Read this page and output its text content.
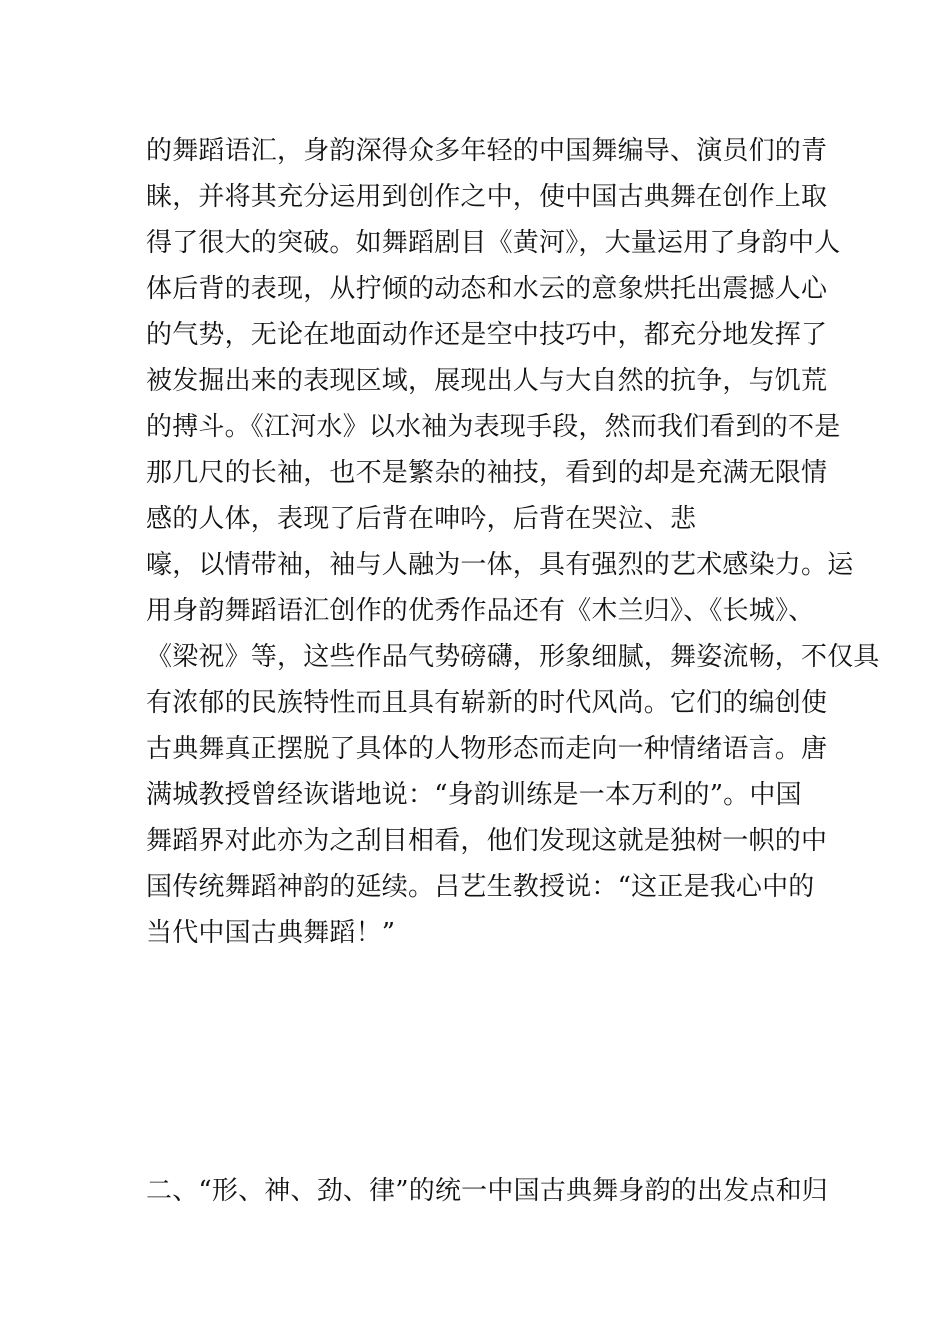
的舞蹈语汇，身韵深得众多年轻的中国舞编导、演员们的青
睐，并将其充分运用到创作之中，使中国古典舞在创作上取
得了很大的突破。如舞蹈剧目《黄河》，大量运用了身韵中人
体后背的表现，从拧倾的动态和水云的意象烘托出震撼人心
的气势，无论在地面动作还是空中技巧中，都充分地发挥了
被发掘出来的表现区域，展现出人与大自然的抗争，与饥荒
的搏斗。《江河水》以水袖为表现手段，然而我们看到的不是
那几尺的长袖，也不是繁杂的袖技，看到的却是充满无限情
感的人体，表现了后背在呻吟，后背在哭泣、悲
嚎，以情带袖，袖与人融为一体，具有强烈的艺术感染力。运
用身韵舞蹈语汇创作的优秀作品还有《木兰归》、《长城》、
《梁祝》等，这些作品气势磅礴，形象细腻，舞姿流畅，不仅具
有浓郁的民族特性而且具有崭新的时代风尚。它们的编创使
古典舞真正摆脱了具体的人物形态而走向一种情绪语言。唐
满城教授曾经诙谐地说：“身韵训练是一本万利的”。中国
舞蹈界对此亦为之刮目相看，他们发现这就是独树一帜的中
国传统舞蹈神韵的延续。吕艺生教授说：“这正是我心中的
当代中国古典舞蹈！”
二、“形、神、劲、律”的统一中国古典舞身韵的出发点和归
